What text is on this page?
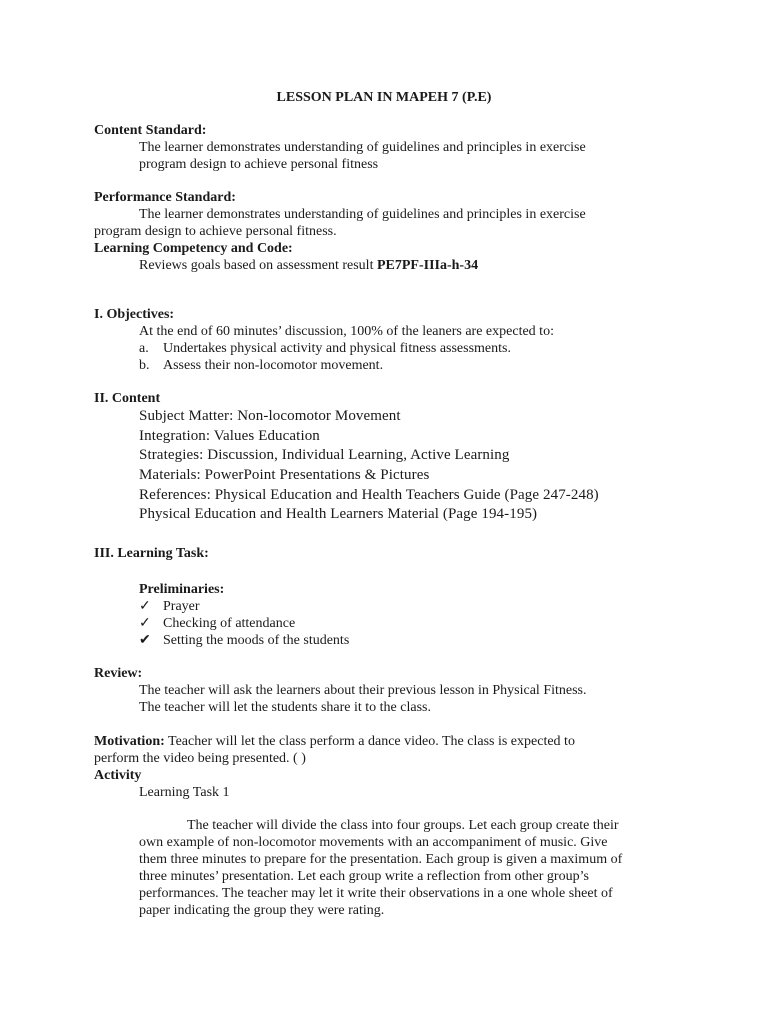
LESSON PLAN IN MAPEH 7 (P.E)
Content Standard:
The learner demonstrates understanding of guidelines and principles in exercise
program design to achieve personal fitness
Performance Standard:
The learner demonstrates understanding of guidelines and principles in exercise
program design to achieve personal fitness.
Learning Competency and Code:
Reviews goals based on assessment result PE7PF-IIIa-h-34
I. Objectives:
At the end of 60 minutes’ discussion, 100% of the leaners are expected to:
a. Undertakes physical activity and physical fitness assessments.
b. Assess their non-locomotor movement.
II. Content
Subject Matter: Non-locomotor Movement
Integration: Values Education
Strategies: Discussion, Individual Learning, Active Learning
Materials: PowerPoint Presentations & Pictures
References: Physical Education and Health Teachers Guide (Page 247-248)
Physical Education and Health Learners Material (Page 194-195)
III. Learning Task:
Preliminaries:
✓ Prayer
✓ Checking of attendance
✔ Setting the moods of the students
Review:
The teacher will ask the learners about their previous lesson in Physical Fitness.
The teacher will let the students share it to the class.
Motivation: Teacher will let the class perform a dance video. The class is expected to
perform the video being presented. ( )
Activity
Learning Task 1
The teacher will divide the class into four groups. Let each group create their
own example of non-locomotor movements with an accompaniment of music. Give
them three minutes to prepare for the presentation. Each group is given a maximum of
three minutes’ presentation. Let each group write a reflection from other group’s
performances. The teacher may let it write their observations in a one whole sheet of
paper indicating the group they were rating.
